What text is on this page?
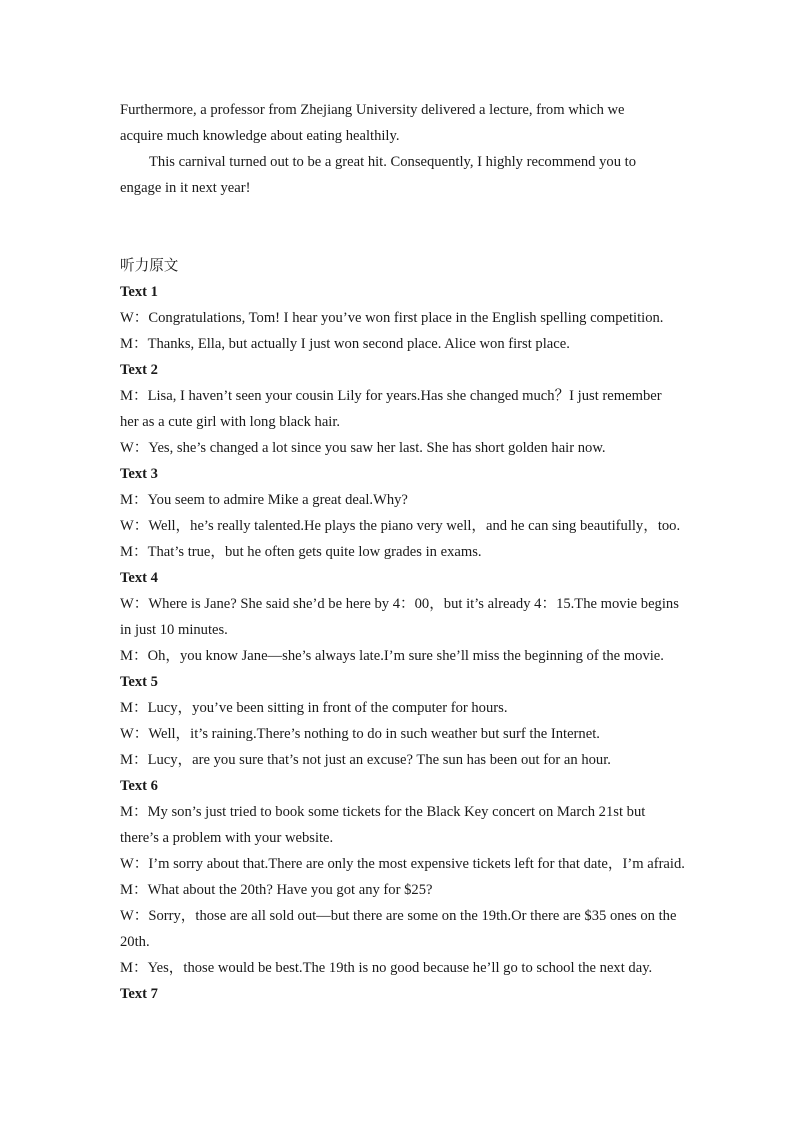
Furthermore, a professor from Zhejiang University delivered a lecture, from which we

acquire much knowledge about eating healthily.

This carnival turned out to be a great hit. Consequently, I highly recommend you to

engage in it next year!

听力原文

Text 1

W：Congratulations, Tom! I hear you’ve won first place in the English spelling competition.

M：Thanks, Ella, but actually I just won second place. Alice won first place.

Text 2

M：Lisa, I haven’t seen your cousin Lily for years.Has she changed much？I just remember

her as a cute girl with long black hair.

W：Yes, she’s changed a lot since you saw her last. She has short golden hair now.

Text 3

M：You seem to admire Mike a great deal.Why?

W：Well，he’s really talented.He plays the piano very well，and he can sing beautifully，too.

M：That’s true，but he often gets quite low grades in exams.

Text 4

W：Where is Jane? She said she’d be here by 4：00，but it’s already 4：15.The movie begins

in just 10 minutes.

M：Oh，you know Jane—she’s always late.I’m sure she’ll miss the beginning of the movie.

Text 5

M：Lucy，you’ve been sitting in front of the computer for hours.

W：Well，it’s raining.There’s nothing to do in such weather but surf the Internet.

M：Lucy，are you sure that’s not just an excuse? The sun has been out for an hour.

Text 6

M：My son’s just tried to book some tickets for the Black Key concert on March 21st but

there’s a problem with your website.

W：I’m sorry about that.There are only the most expensive tickets left for that date，I’m afraid.

M：What about the 20th? Have you got any for $25?

W：Sorry，those are all sold out—but there are some on the 19th.Or there are $35 ones on the

20th.

M：Yes，those would be best.The 19th is no good because he’ll go to school the next day.

Text 7
